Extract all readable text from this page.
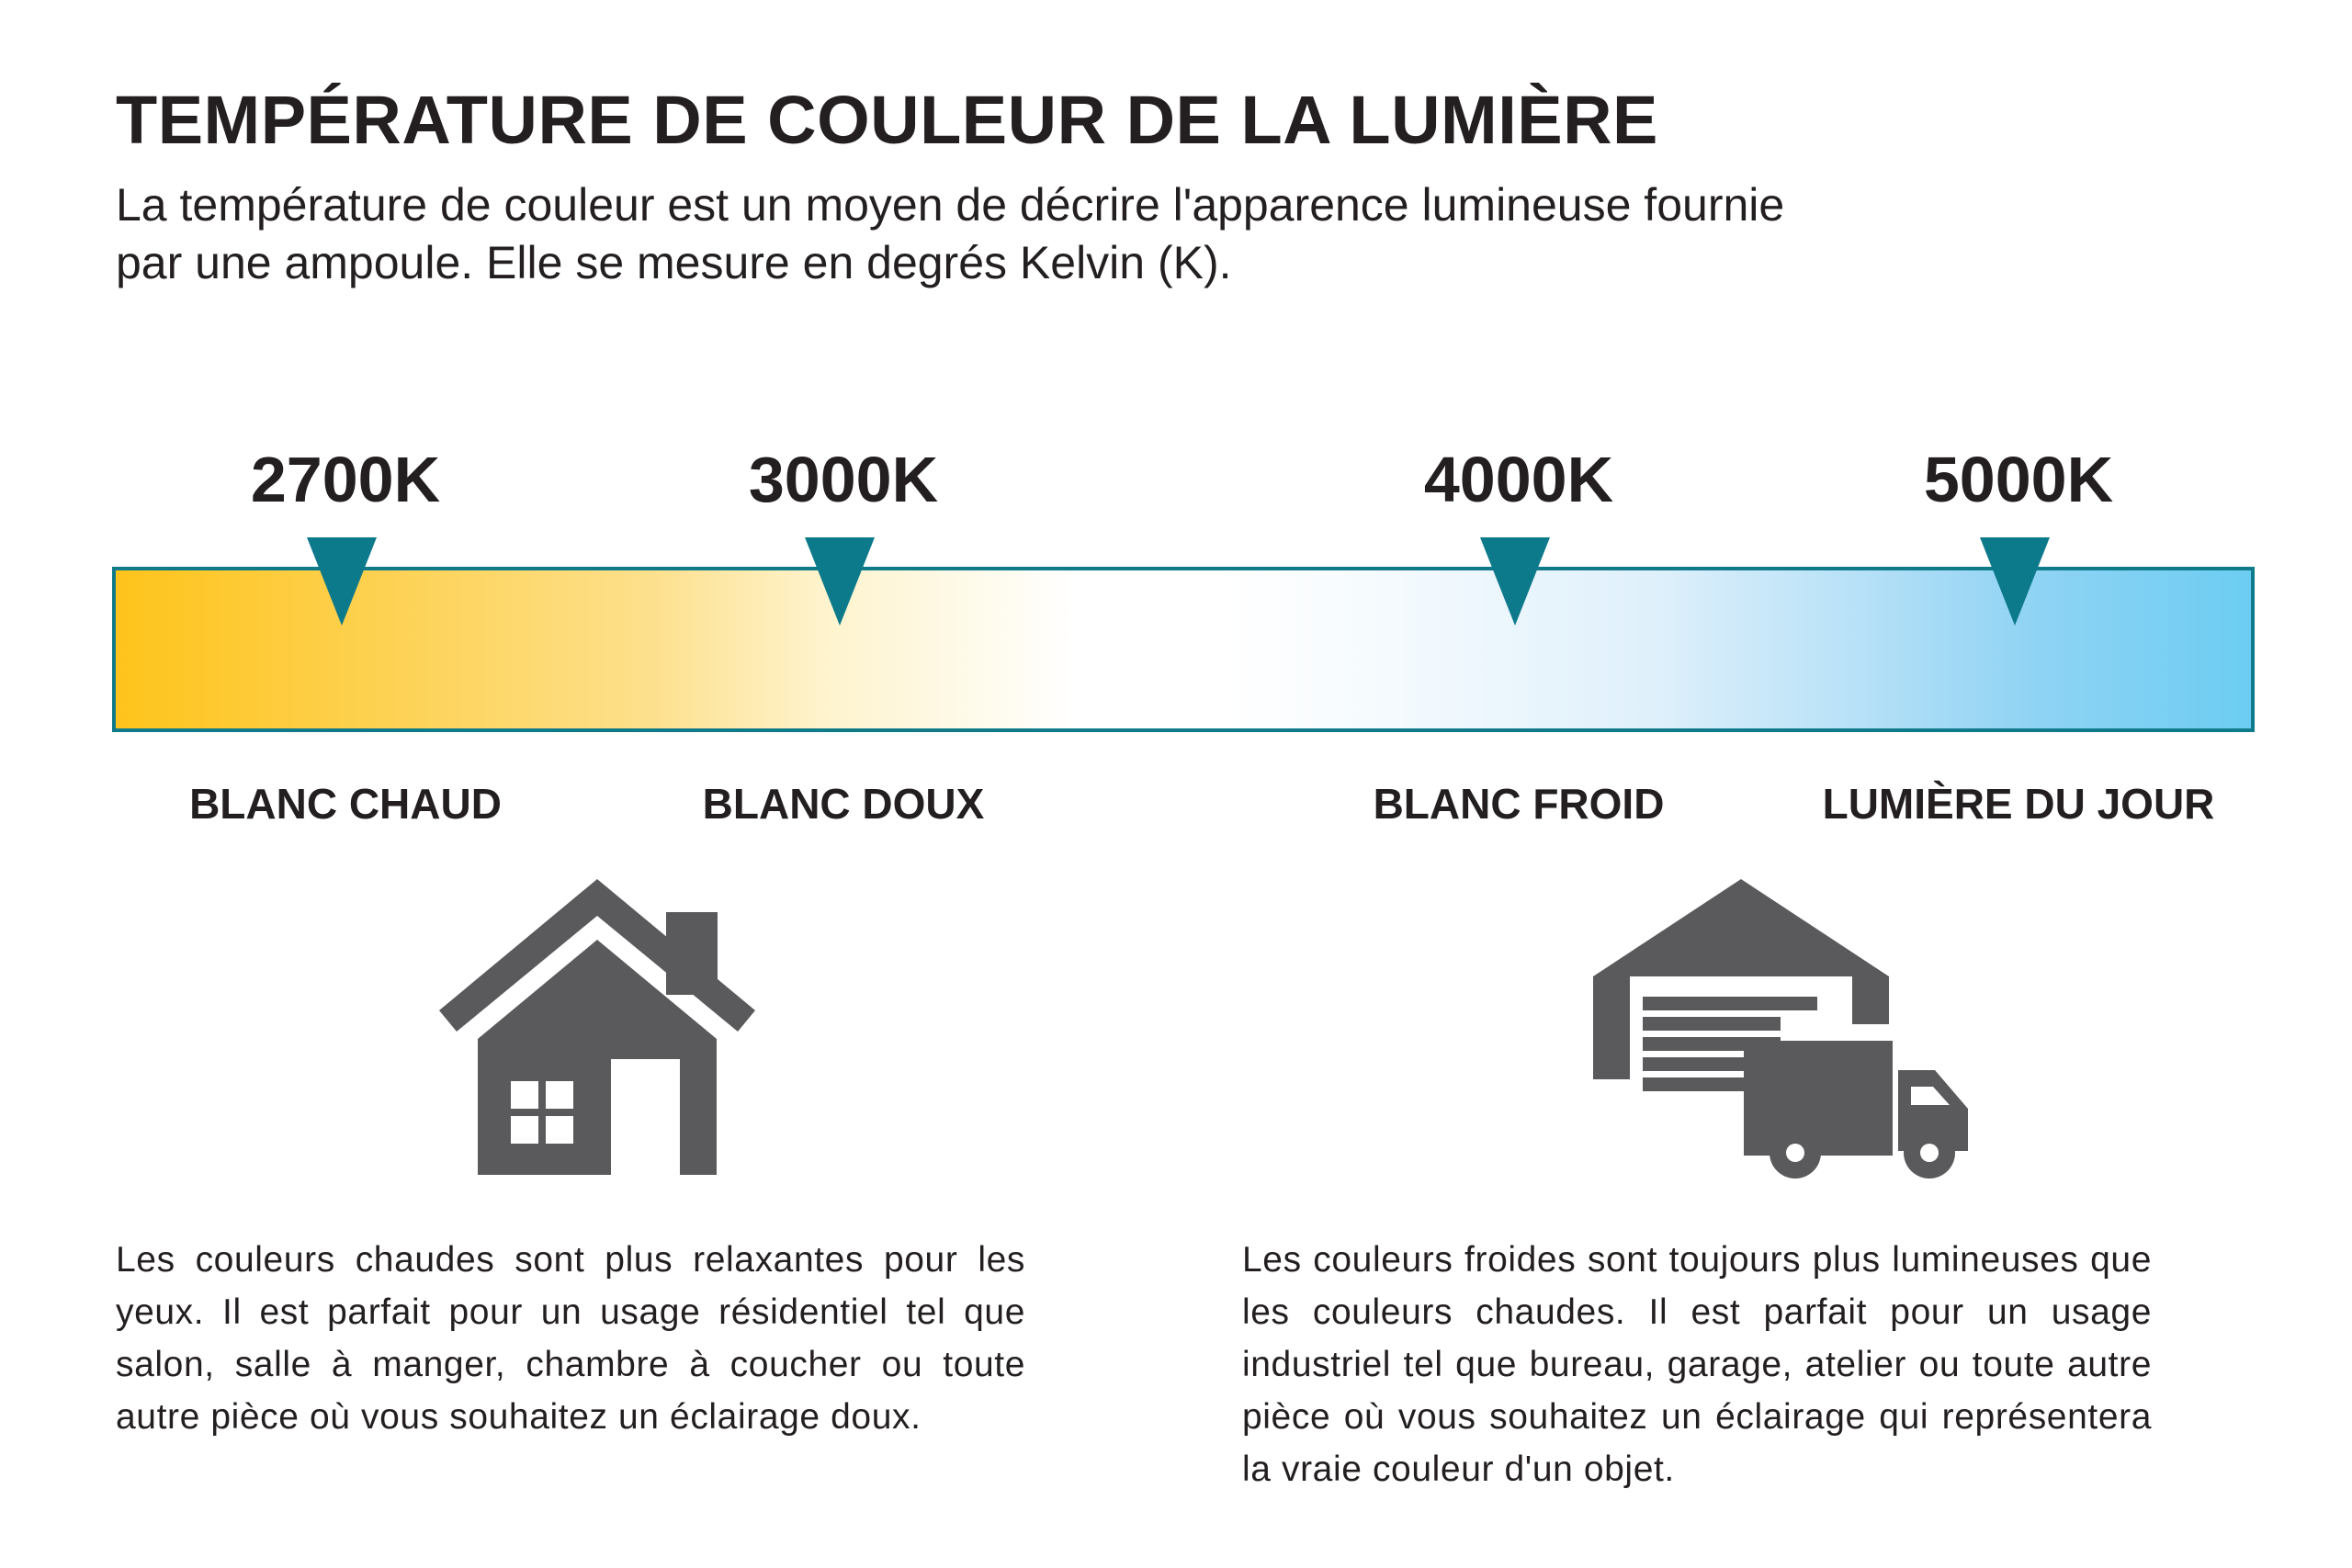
TEMPÉRATURE DE COULEUR DE LA LUMIÈRE

La température de couleur est un moyen de décrire l'apparence lumineuse fournie
par une ampoule. Elle se mesure en degrés Kelvin (K).

2700K	3000K	4000K	5000K
BLANC CHAUD	BLANC DOUX	BLANC FROID	LUMIÈRE DU JOUR

Les couleurs chaudes sont plus relaxantes pour les yeux. Il est parfait pour un usage résidentiel tel que salon, salle à manger, chambre à coucher ou toute autre pièce où vous souhaitez un éclairage doux.

Les couleurs froides sont toujours plus lumineuses que les couleurs chaudes. Il est parfait pour un usage industriel tel que bureau, garage, atelier ou toute autre pièce où vous souhaitez un éclairage qui représentera la vraie couleur d'un objet.
